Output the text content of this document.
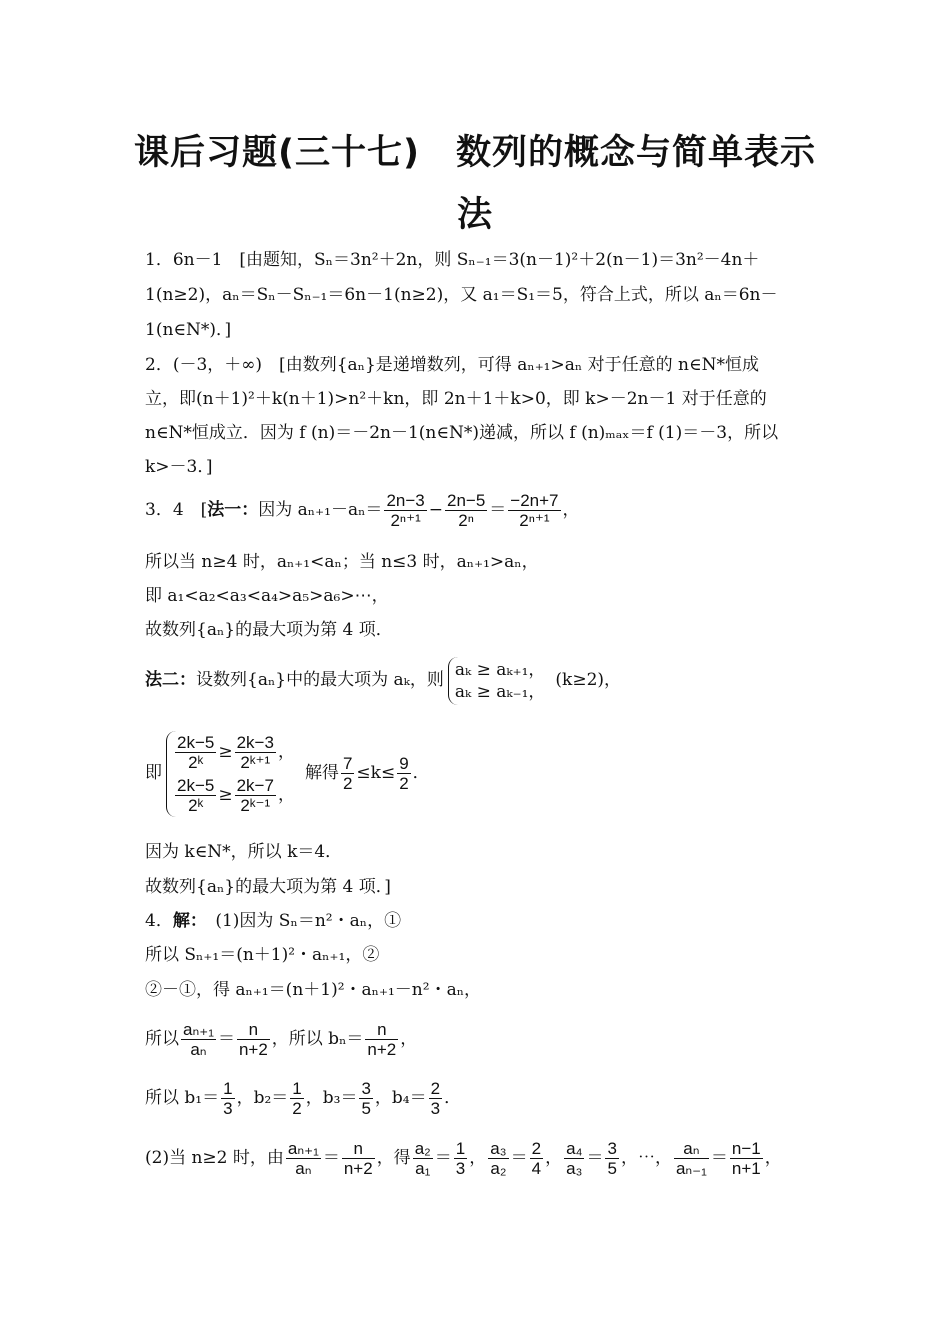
课后习题(三十七)　数列的概念与简单表示
法
1．6n－1　[由题知，Sₙ＝3n²＋2n，则 Sₙ₋₁＝3(n－1)²＋2(n－1)＝3n²－4n＋
1(n≥2)，aₙ＝Sₙ－Sₙ₋₁＝6n－1(n≥2)，又 a₁＝S₁＝5，符合上式，所以 aₙ＝6n－
1(n∈N*)．]
2．(－3，＋∞)　[由数列{aₙ}是递增数列，可得 aₙ₊₁>aₙ 对于任意的 n∈N*恒成
立，即(n＋1)²＋k(n＋1)>n²＋kn，即 2n＋1＋k>0，即 k>－2n－1 对于任意的
n∈N*恒成立．因为 f (n)＝－2n－1(n∈N*)递减，所以 f (n)ₘₐₓ＝f (1)＝－3，所以
k>－3．]
3．4　[法一：因为 $a_{n+1}-a_n= \frac{2n-3}{\text{2ⁿ⁺¹}} - \frac{2n-5}{\text{2ⁿ}} = \frac{-2n+7}{\text{2ⁿ⁺¹}}$ ，
所以当 n≥4 时，aₙ₊₁<aₙ；当 n≤3 时，aₙ₊₁>aₙ，
即 a₁<a₂<a₃<a₄>a₅>a₆>⋯，
故数列{aₙ}的最大项为第 4 项．
法二：设数列{aₙ}中的最大项为 aₖ，则
aₖ ≥ aₖ₊₁，
aₖ ≥ aₖ₋₁，
(k≥2)，
即
$\frac{2k-5}{\text{2ᵏ}} \ge \frac{2k-3}{\text{2ᵏ⁺¹}}$ ，
$\frac{2k-5}{\text{2ᵏ}} \ge \frac{2k-7}{\text{2ᵏ⁻¹}}$ ，
解得 $\frac{7}{2} \le k\le \frac{9}{2}$ ．
因为 k∈N*，所以 k＝4．
故数列{aₙ}的最大项为第 4 项．]
4．解：　(1)因为 Sₙ＝n²・aₙ，①
所以 Sₙ₊₁＝(n＋1)²・aₙ₊₁，②
②－①，得 aₙ₊₁＝(n＋1)²・aₙ₊₁－n²・aₙ，
所以 $\frac{\text{aₙ₊₁}}{\text{aₙ}} = \frac{n}{n+2}$ ，所以 $b_n= \frac{n}{n+2}$ ，
所以 $b_1= \frac{1}{3}$ ，$b_2= \frac{1}{2}$ ，$b_3= \frac{3}{5}$ ，$b_4= \frac{2}{3}$ ．
(2)当 n≥2 时，由 $\frac{\text{aₙ₊₁}}{\text{aₙ}} = \frac{n}{n+2}$ ，得 $\frac{\text{a₂}}{\text{a₁}} = \frac{1}{3}$ ， $\frac{\text{a₃}}{\text{a₂}} = \frac{2}{4}$ ， $\frac{\text{a₄}}{\text{a₃}} = \frac{3}{5}$ ，⋯， $\frac{\text{aₙ}}{\text{aₙ₋₁}} = \frac{n-1}{n+1}$ ，
